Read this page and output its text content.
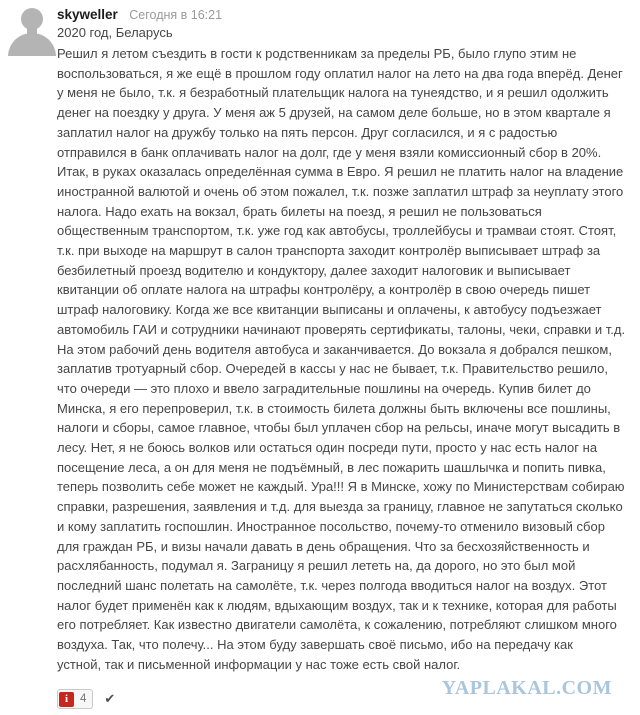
skyweller Сегодня в 16:21
2020 год, Беларусь
Решил я летом съездить в гости к родственникам за пределы РБ, было глупо этим не
воспользоваться, я же ещё в прошлом году оплатил налог на лето на два года вперёд. Денег
у меня не было, т.к. я безработный плательщик налога на тунеядство, и я решил одолжить
денег на поездку у друга. У меня аж 5 друзей, на самом деле больше, но в этом квартале я
заплатил налог на дружбу только на пять персон. Друг согласился, и я с радостью
отправился в банк оплачивать налог на долг, где у меня взяли комиссионный сбор в 20%.
Итак, в руках оказалась определённая сумма в Евро. Я решил не платить налог на владение
иностранной валютой и очень об этом пожалел, т.к. позже заплатил штраф за неуплату этого
налога. Надо ехать на вокзал, брать билеты на поезд, я решил не пользоваться
общественным транспортом, т.к. уже год как автобусы, троллейбусы и трамваи стоят. Стоят,
т.к. при выходе на маршрут в салон транспорта заходит контролёр выписывает штраф за
безбилетный проезд водителю и кондуктору, далее заходит налоговик и выписывает
квитанции об оплате налога на штрафы контролёру, а контролёр в свою очередь пишет
штраф налоговику. Когда же все квитанции выписаны и оплачены, к автобусу подъезжает
автомобиль ГАИ и сотрудники начинают проверять сертификаты, талоны, чеки, справки и т.д.
На этом рабочий день водителя автобуса и заканчивается. До вокзала я добрался пешком,
заплатив тротуарный сбор. Очередей в кассы у нас не бывает, т.к. Правительство решило,
что очереди — это плохо и ввело заградительные пошлины на очередь. Купив билет до
Минска, я его перепроверил, т.к. в стоимость билета должны быть включены все пошлины,
налоги и сборы, самое главное, чтобы был уплачен сбор на рельсы, иначе могут высадить в
лесу. Нет, я не боюсь волков или остаться один посреди пути, просто у нас есть налог на
посещение леса, а он для меня не подъёмный, в лес пожарить шашлычка и попить пивка,
теперь позволить себе может не каждый. Ура!!! Я в Минске, хожу по Министерствам собираю
справки, разрешения, заявления и т.д. для выезда за границу, главное не запутаться сколько
и кому заплатить госпошлин. Иностранное посольство, почему-то отменило визовый сбор
для граждан РБ, и визы начали давать в день обращения. Что за бесхозяйственность и
расхлябанность, подумал я. Заграницу я решил лететь на, да дорого, но это был мой
последний шанс полетать на самолёте, т.к. через полгода вводиться налог на воздух. Этот
налог будет применён как к людям, вдыхающим воздух, так и к технике, которая для работы
его потребляет. Как известно двигатели самолёта, к сожалению, потребляют слишком много
воздуха. Так, что полечу... На этом буду завершать своё письмо, ибо на передачу как
устной, так и письменной информации у нас тоже есть свой налог.
i	4	✔	YAPLAKAL.COM
